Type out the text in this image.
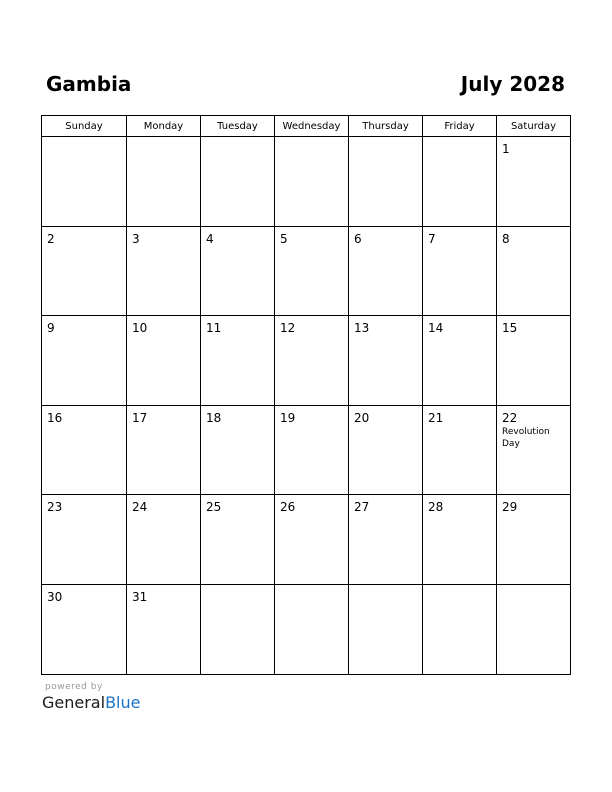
Gambia	July 2028
Sunday	Monday	Tuesday	Wednesday	Thursday	Friday	Saturday

						1

2	3	4	5	6	7	8

9	10	11	12	13	14	15

16	17	18	19	20	21	22
Revolution Day

23	24	25	26	27	28	29

30	31					

powered by
GeneralBlue
